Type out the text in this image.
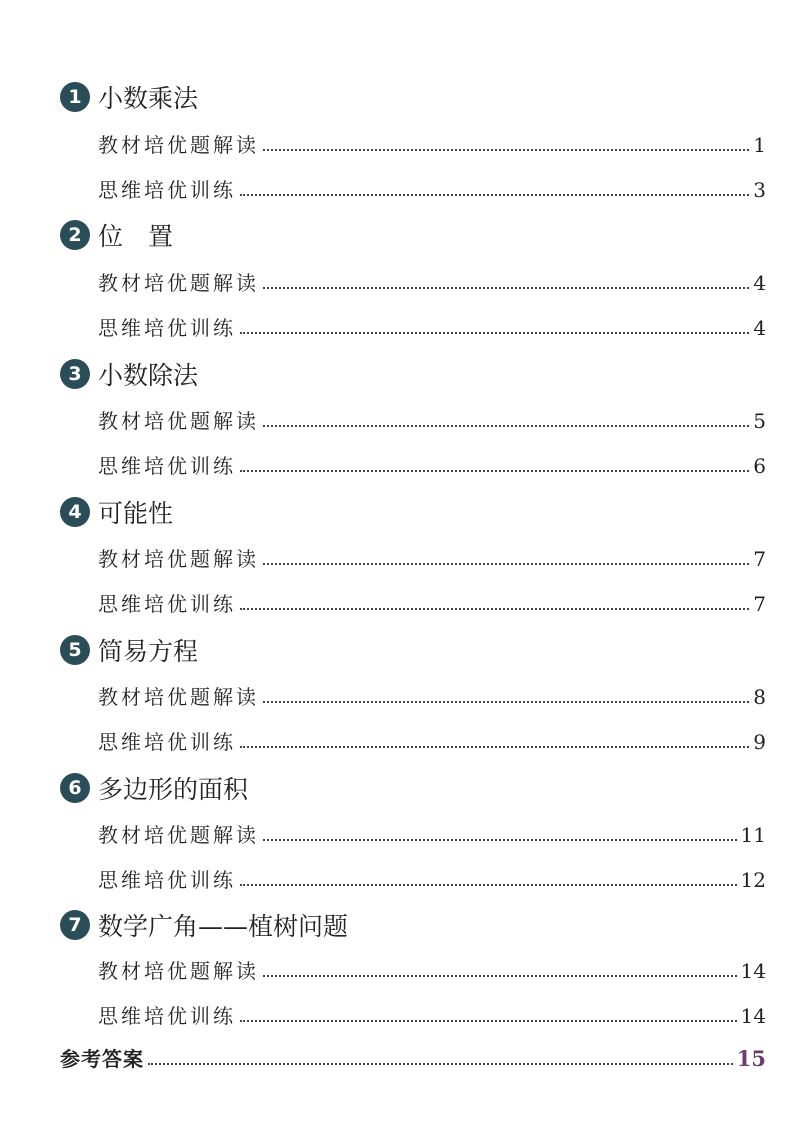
1 小数乘法
教材培优题解读	1
思维培优训练	3
2 位　置
教材培优题解读	4
思维培优训练	4
3 小数除法
教材培优题解读	5
思维培优训练	6
4 可能性
教材培优题解读	7
思维培优训练	7
5 简易方程
教材培优题解读	8
思维培优训练	9
6 多边形的面积
教材培优题解读	11
思维培优训练	12
7 数学广角——植树问题
教材培优题解读	14
思维培优训练	14
参考答案	15
